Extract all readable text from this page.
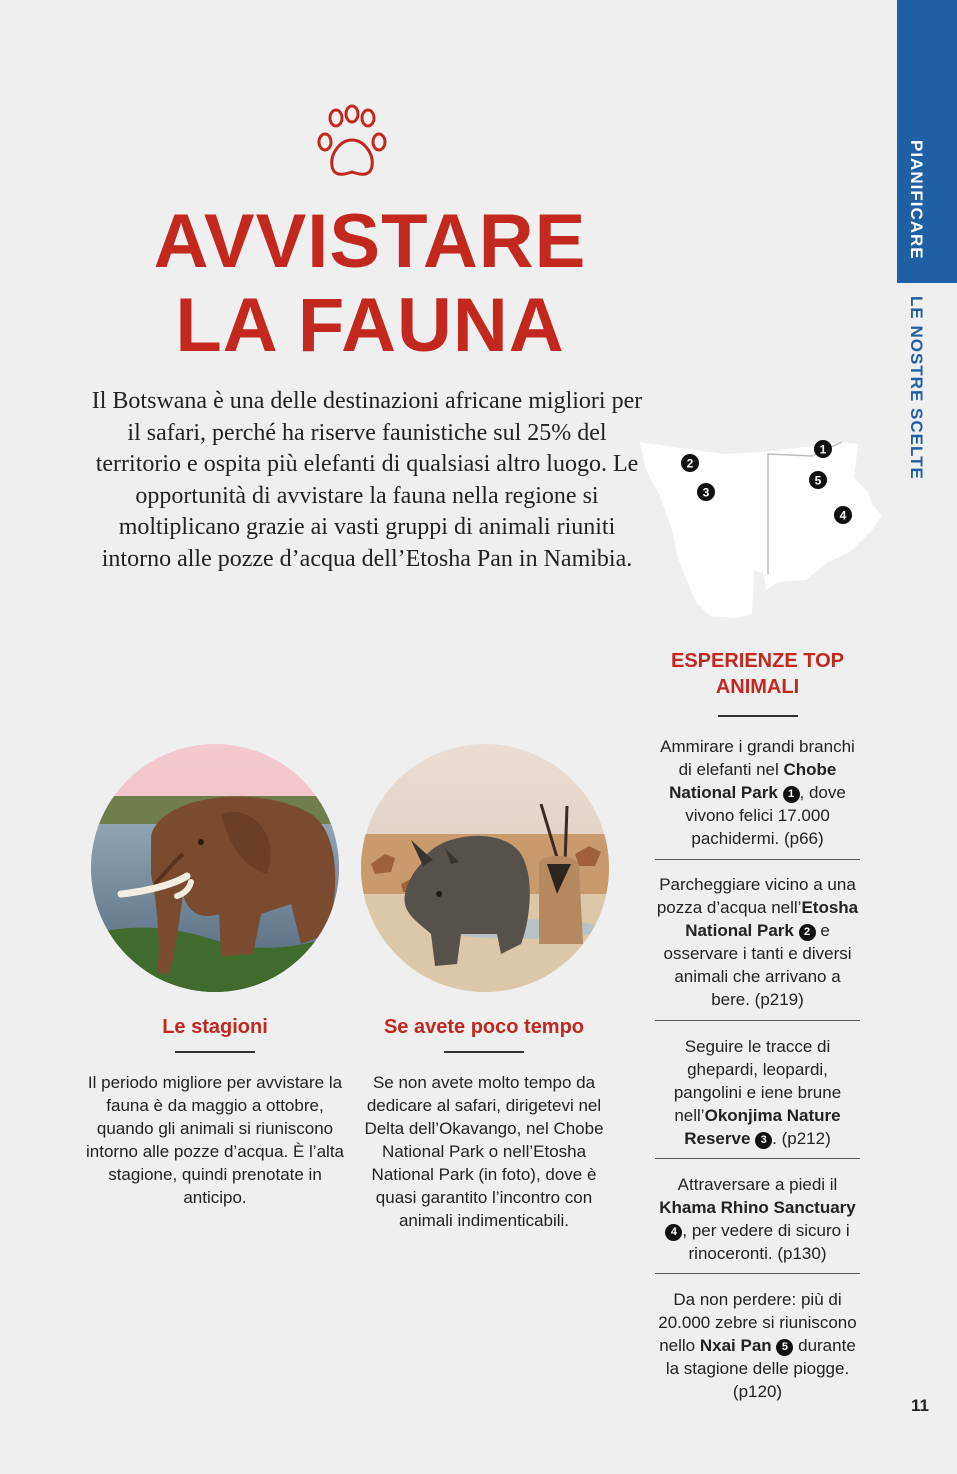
PIANIFICARE
LE NOSTRE SCELTE
AVVISTARE
LA FAUNA

Il Botswana è una delle destinazioni africane migliori per il safari, perché ha riserve faunistiche sul 25% del territorio e ospita più elefanti di qualsiasi altro luogo. Le opportunità di avvistare la fauna nella regione si moltiplicano grazie ai vasti gruppi di animali riuniti intorno alle pozze d’acqua dell’Etosha Pan in Namibia.

1
2
3
4
5
ESPERIENZE TOP
ANIMALI
Ammirare i grandi branchi di elefanti nel Chobe National Park 1 , dove vivono felici 17.000 pachidermi. (p66)
Parcheggiare vicino a una pozza d’acqua nell’Etosha National Park 2 e osservare i tanti e diversi animali che arrivano a bere. (p219)
Seguire le tracce di ghepardi, leopardi, pangolini e iene brune nell’Okonjima Nature Reserve 3 . (p212)
Attraversare a piedi il Khama Rhino Sanctuary 4 , per vedere di sicuro i rinoceronti. (p130)
Da non perdere: più di 20.000 zebre si riuniscono nello Nxai Pan 5 durante la stagione delle piogge. (p120)
Le stagioni
Il periodo migliore per avvistare la fauna è da maggio a ottobre, quando gli animali si riuniscono intorno alle pozze d’acqua. È l’alta stagione, quindi prenotate in anticipo.
Se avete poco tempo
Se non avete molto tempo da dedicare al safari, dirigetevi nel Delta dell’Okavango, nel Chobe National Park o nell’Etosha National Park (in foto), dove è quasi garantito l’incontro con animali indimenticabili.
11
